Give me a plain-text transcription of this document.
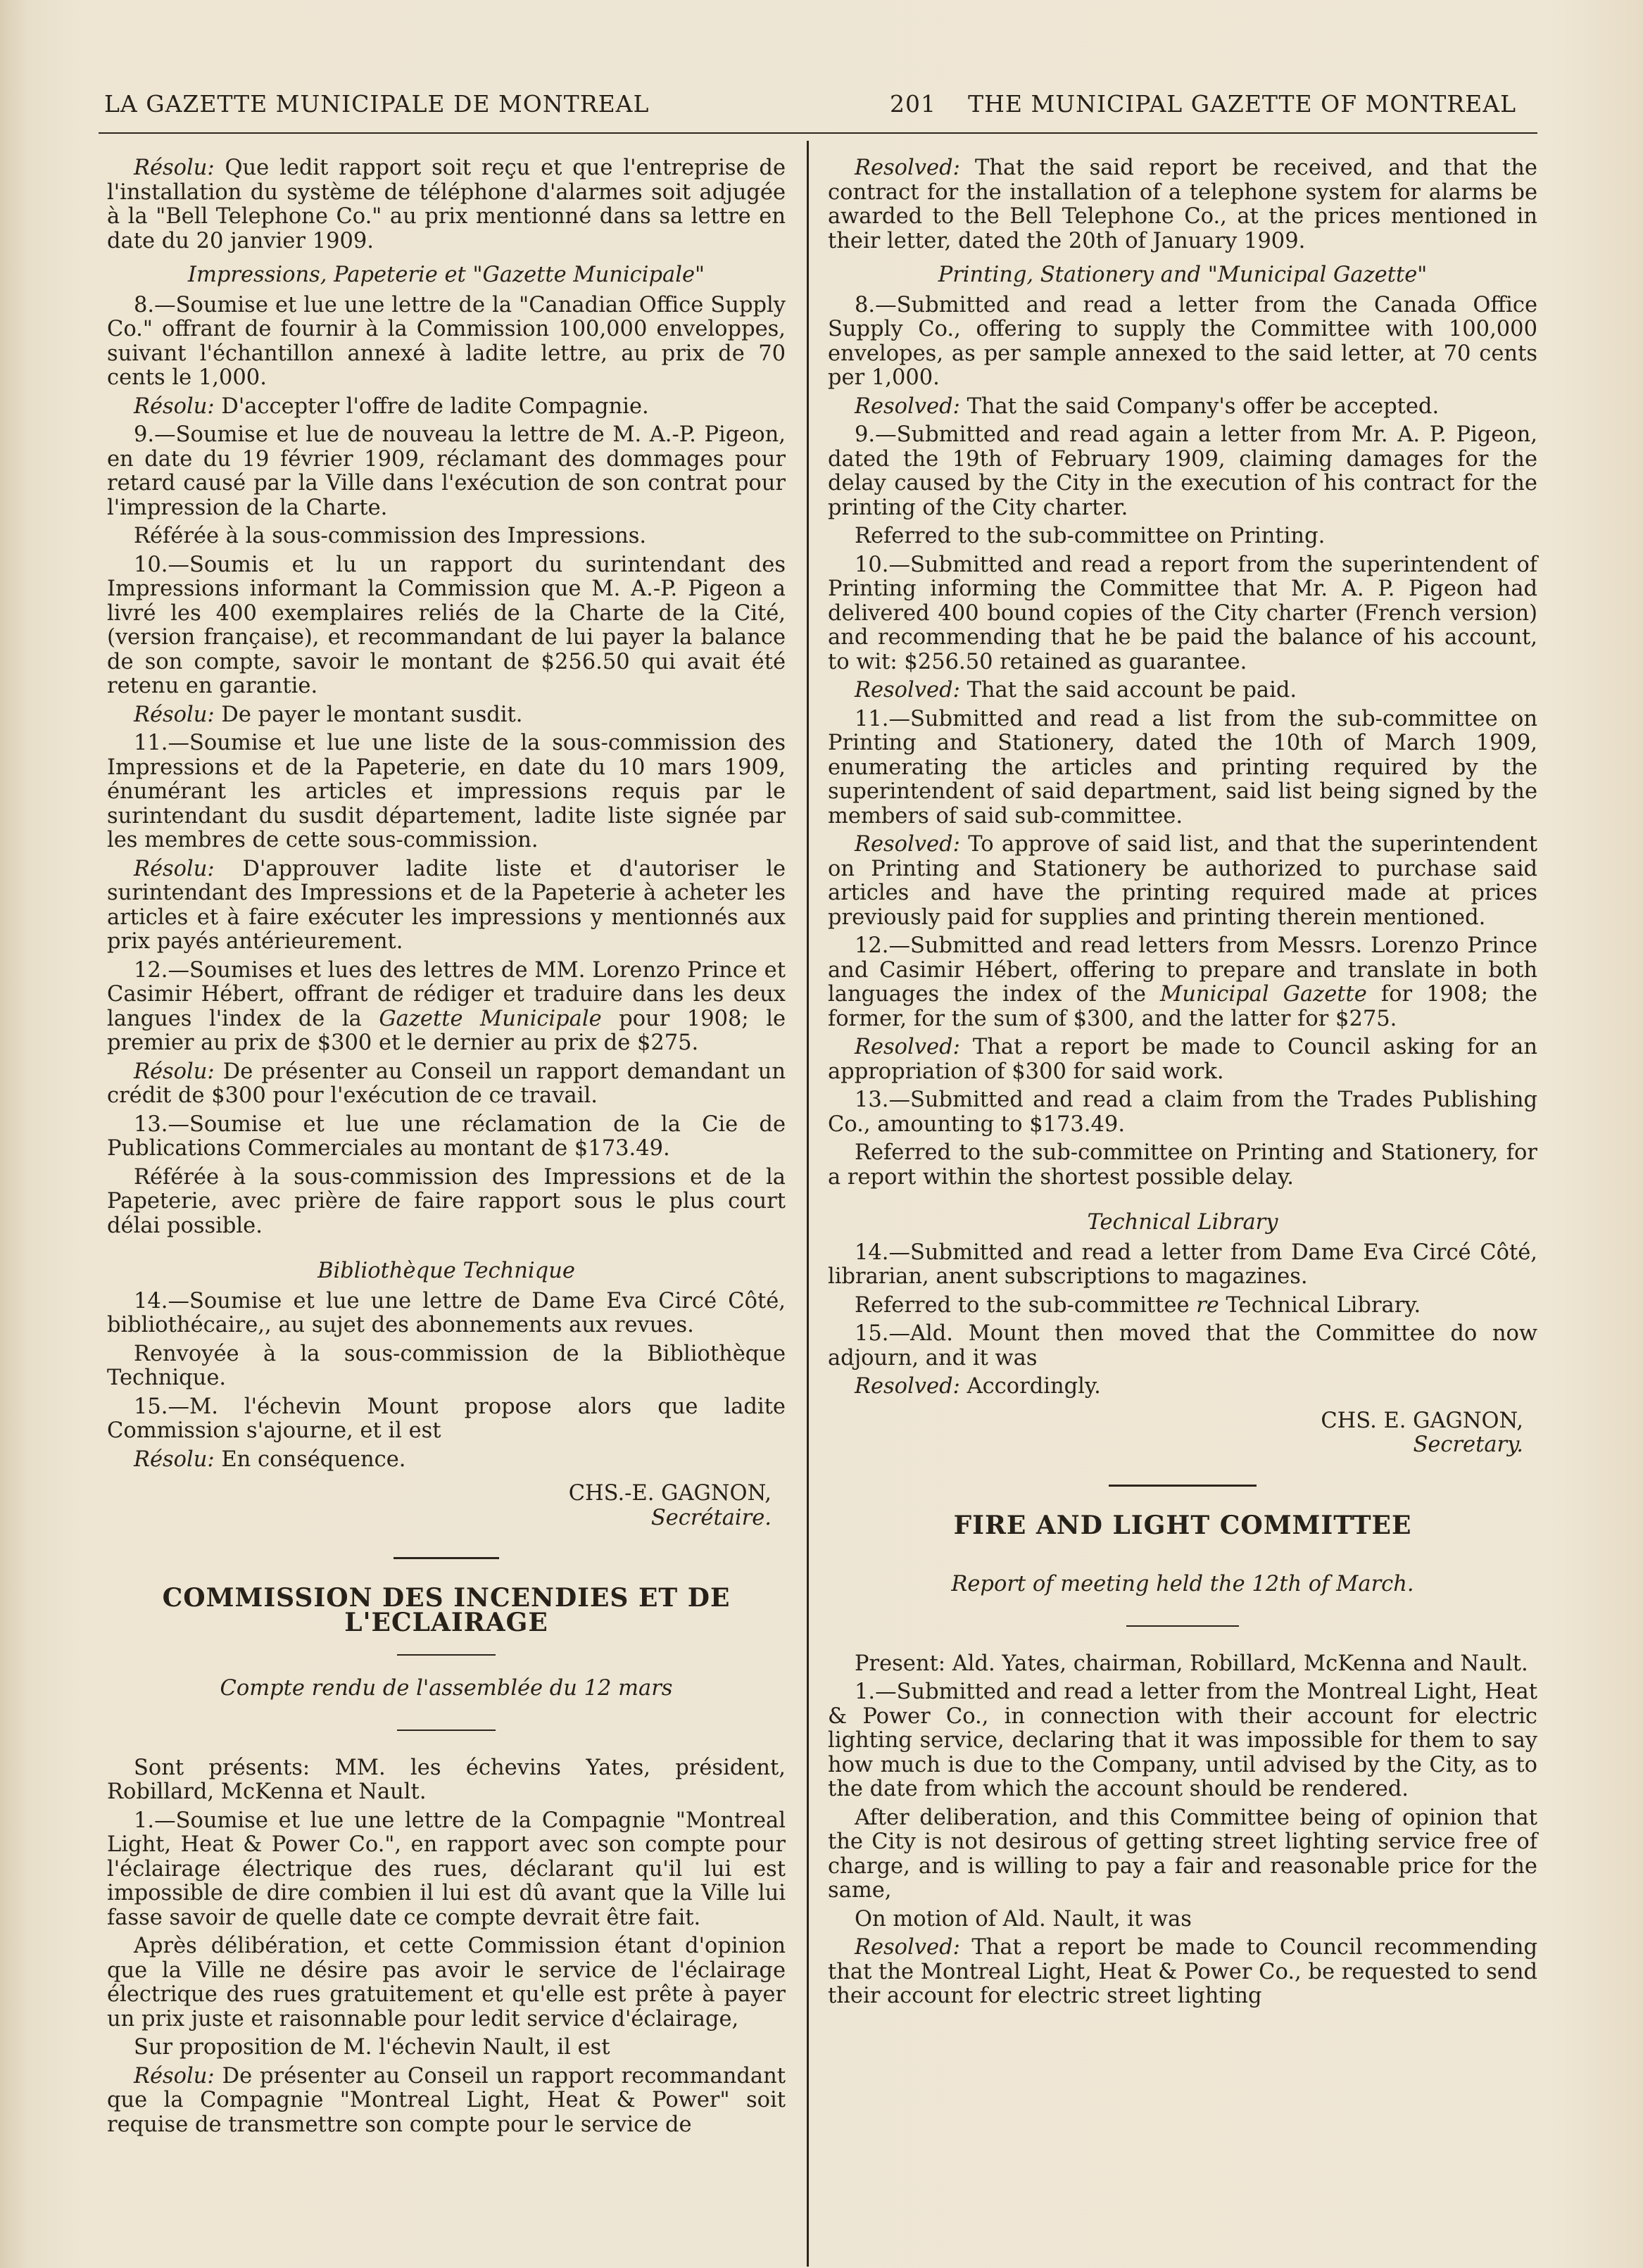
LA GAZETTE MUNICIPALE DE MONTREAL	201 THE MUNICIPAL GAZETTE OF MONTREAL

Résolu: Que ledit rapport soit reçu et que l'entreprise de l'installation du système de téléphone d'alarmes soit adjugée à la "Bell Telephone Co." au prix mentionné dans sa lettre en date du 20 janvier 1909.

Impressions, Papeterie et "Gazette Municipale"

8.—Soumise et lue une lettre de la "Canadian Office Supply Co." offrant de fournir à la Commission 100,000 enveloppes, suivant l'échantillon annexé à ladite lettre, au prix de 70 cents le 1,000.

Résolu: D'accepter l'offre de ladite Compagnie.

9.—Soumise et lue de nouveau la lettre de M. A.-P. Pigeon, en date du 19 février 1909, réclamant des dommages pour retard causé par la Ville dans l'exécution de son contrat pour l'impression de la Charte.

Référée à la sous-commission des Impressions.

10.—Soumis et lu un rapport du surintendant des Impressions informant la Commission que M. A.-P. Pigeon a livré les 400 exemplaires reliés de la Charte de la Cité, (version française), et recommandant de lui payer la balance de son compte, savoir le montant de $256.50 qui avait été retenu en garantie.

Résolu: De payer le montant susdit.

11.—Soumise et lue une liste de la sous-commission des Impressions et de la Papeterie, en date du 10 mars 1909, énumérant les articles et impressions requis par le surintendant du susdit département, ladite liste signée par les membres de cette sous-commission.

Résolu: D'approuver ladite liste et d'autoriser le surintendant des Impressions et de la Papeterie à acheter les articles et à faire exécuter les impressions y mentionnés aux prix payés antérieurement.

12.—Soumises et lues des lettres de MM. Lorenzo Prince et Casimir Hébert, offrant de rédiger et traduire dans les deux langues l'index de la Gazette Municipale pour 1908; le premier au prix de $300 et le dernier au prix de $275.

Résolu: De présenter au Conseil un rapport demandant un crédit de $300 pour l'exécution de ce travail.

13.—Soumise et lue une réclamation de la Cie de Publications Commerciales au montant de $173.49.

Référée à la sous-commission des Impressions et de la Papeterie, avec prière de faire rapport sous le plus court délai possible.

Bibliothèque Technique

14.—Soumise et lue une lettre de Dame Eva Circé Côté, bibliothécaire,, au sujet des abonnements aux revues.

Renvoyée à la sous-commission de la Bibliothèque Technique.

15.—M. l'échevin Mount propose alors que ladite Commission s'ajourne, et il est

Résolu: En conséquence.

CHS.-E. GAGNON,
Secrétaire.
COMMISSION DES INCENDIES ET DE L'ECLAIRAGE
Compte rendu de l'assemblée du 12 mars

Sont présents: MM. les échevins Yates, président, Robillard, McKenna et Nault.

1.—Soumise et lue une lettre de la Compagnie "Montreal Light, Heat & Power Co.", en rapport avec son compte pour l'éclairage électrique des rues, déclarant qu'il lui est impossible de dire combien il lui est dû avant que la Ville lui fasse savoir de quelle date ce compte devrait être fait.

Après délibération, et cette Commission étant d'opinion que la Ville ne désire pas avoir le service de l'éclairage électrique des rues gratuitement et qu'elle est prête à payer un prix juste et raisonnable pour ledit service d'éclairage,

Sur proposition de M. l'échevin Nault, il est

Résolu: De présenter au Conseil un rapport recommandant que la Compagnie "Montreal Light, Heat & Power" soit requise de transmettre son compte pour le service de

Resolved: That the said report be received, and that the contract for the installation of a telephone system for alarms be awarded to the Bell Telephone Co., at the prices mentioned in their letter, dated the 20th of January 1909.

Printing, Stationery and "Municipal Gazette"

8.—Submitted and read a letter from the Canada Office Supply Co., offering to supply the Committee with 100,000 envelopes, as per sample annexed to the said letter, at 70 cents per 1,000.

Resolved: That the said Company's offer be accepted.

9.—Submitted and read again a letter from Mr. A. P. Pigeon, dated the 19th of February 1909, claiming damages for the delay caused by the City in the execution of his contract for the printing of the City charter.

Referred to the sub-committee on Printing.

10.—Submitted and read a report from the superintendent of Printing informing the Committee that Mr. A. P. Pigeon had delivered 400 bound copies of the City charter (French version) and recommending that he be paid the balance of his account, to wit: $256.50 retained as guarantee.

Resolved: That the said account be paid.

11.—Submitted and read a list from the sub-committee on Printing and Stationery, dated the 10th of March 1909, enumerating the articles and printing required by the superintendent of said department, said list being signed by the members of said sub-committee.

Resolved: To approve of said list, and that the superintendent on Printing and Stationery be authorized to purchase said articles and have the printing required made at prices previously paid for supplies and printing therein mentioned.

12.—Submitted and read letters from Messrs. Lorenzo Prince and Casimir Hébert, offering to prepare and translate in both languages the index of the Municipal Gazette for 1908; the former, for the sum of $300, and the latter for $275.

Resolved: That a report be made to Council asking for an appropriation of $300 for said work.

13.—Submitted and read a claim from the Trades Publishing Co., amounting to $173.49.

Referred to the sub-committee on Printing and Stationery, for a report within the shortest possible delay.

Technical Library

14.—Submitted and read a letter from Dame Eva Circé Côté, librarian, anent subscriptions to magazines.

Referred to the sub-committee re Technical Library.

15.—Ald. Mount then moved that the Committee do now adjourn, and it was

Resolved: Accordingly.

CHS. E. GAGNON,
Secretary.
FIRE AND LIGHT COMMITTEE
Report of meeting held the 12th of March.

Present: Ald. Yates, chairman, Robillard, McKenna and Nault.

1.—Submitted and read a letter from the Montreal Light, Heat & Power Co., in connection with their account for electric lighting service, declaring that it was impossible for them to say how much is due to the Company, until advised by the City, as to the date from which the account should be rendered.

After deliberation, and this Committee being of opinion that the City is not desirous of getting street lighting service free of charge, and is willing to pay a fair and reasonable price for the same,

On motion of Ald. Nault, it was

Resolved: That a report be made to Council recommending that the Montreal Light, Heat & Power Co., be requested to send their account for electric street lighting
